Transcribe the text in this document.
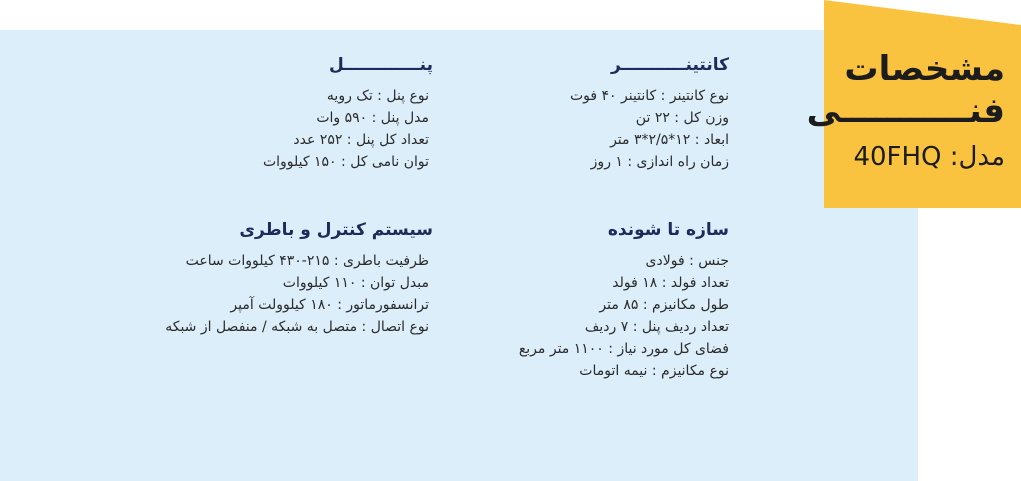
مشخصات
فنـــــــــــی
مدل: 40FHQ
کانتینـــــــــــر
نوع کانتینر : کانتینر ۴۰ فوت
وزن کل : ۲۲ تن
ابعاد : ۱۲*۲/۵*۳ متر
زمان راه اندازی : ۱ روز
پنـــــــــــــل
نوع پنل : تک رویه
مدل پنل : ۵۹۰ وات
تعداد کل پنل : ۲۵۲ عدد
توان نامی کل : ۱۵۰ کیلووات
سازه تا شونده
جنس : فولادی
تعداد فولد : ۱۸ فولد
طول مکانیزم : ۸۵ متر
تعداد ردیف پنل : ۷ ردیف
فضای کل مورد نیاز : ۱۱۰۰ متر مربع
نوع مکانیزم : نیمه اتومات
سیستم کنترل و باطری
ظرفیت باطری : ۲۱۵-۴۳۰ کیلووات ساعت
مبدل توان : ۱۱۰ کیلووات
ترانسفورماتور : ۱۸۰ کیلوولت آمپر
نوع اتصال : متصل به شبکه / منفصل از شبکه
